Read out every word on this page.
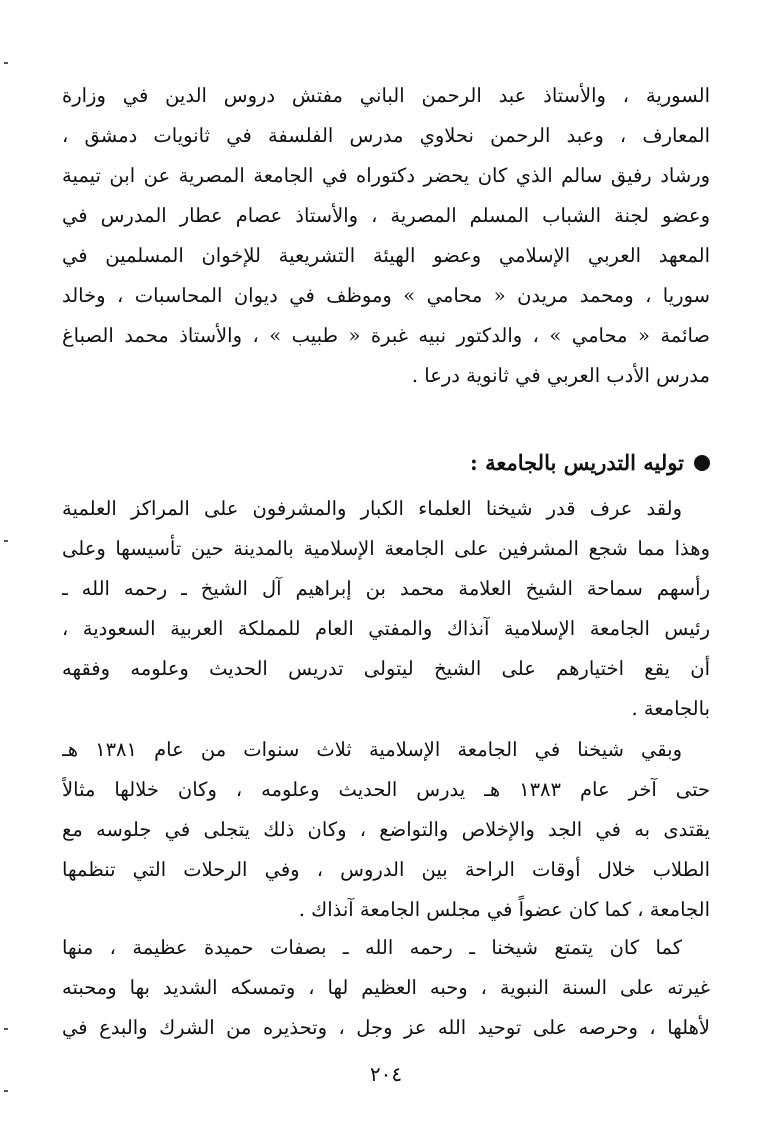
السورية ، والأستاذ عبد الرحمن الباني مفتش دروس الدين في وزارة
المعارف ، وعبد الرحمن نحلاوي مدرس الفلسفة في ثانويات دمشق ،
ورشاد رفيق سالم الذي كان يحضر دكتوراه في الجامعة المصرية عن ابن تيمية
وعضو لجنة الشباب المسلم المصرية ، والأستاذ عصام عطار المدرس في
المعهد العربي الإسلامي وعضو الهيئة التشريعية للإخوان المسلمين في
سوريا ، ومحمد مريدن « محامي » وموظف في ديوان المحاسبات ، وخالد
صائمة « محامي » ، والدكتور نبيه غبرة « طبيب » ، والأستاذ محمد الصباغ
مدرس الأدب العربي في ثانوية درعا .
توليه التدريس بالجامعة :
ولقد عرف قدر شيخنا العلماء الكبار والمشرفون على المراكز العلمية
وهذا مما شجع المشرفين على الجامعة الإسلامية بالمدينة حين تأسيسها وعلى
رأسهم سماحة الشيخ العلامة محمد بن إبراهيم آل الشيخ ـ رحمه الله ـ
رئيس الجامعة الإسلامية آنذاك والمفتي العام للمملكة العربية السعودية ،
أن يقع اختيارهم على الشيخ ليتولى تدريس الحديث وعلومه وفقهه
بالجامعة .
وبقي شيخنا في الجامعة الإسلامية ثلاث سنوات من عام ١٣٨١ هـ
حتى آخر عام ١٣٨٣ هـ يدرس الحديث وعلومه ، وكان خلالها مثالاً
يقتدى به في الجد والإخلاص والتواضع ، وكان ذلك يتجلى في جلوسه مع
الطلاب خلال أوقات الراحة بين الدروس ، وفي الرحلات التي تنظمها
الجامعة ، كما كان عضواً في مجلس الجامعة آنذاك .
كما كان يتمتع شيخنا ـ رحمه الله ـ بصفات حميدة عظيمة ، منها
غيرته على السنة النبوية ، وحبه العظيم لها ، وتمسكه الشديد بها ومحبته
لأهلها ، وحرصه على توحيد الله عز وجل ، وتحذيره من الشرك والبدع في
٢٠٤
